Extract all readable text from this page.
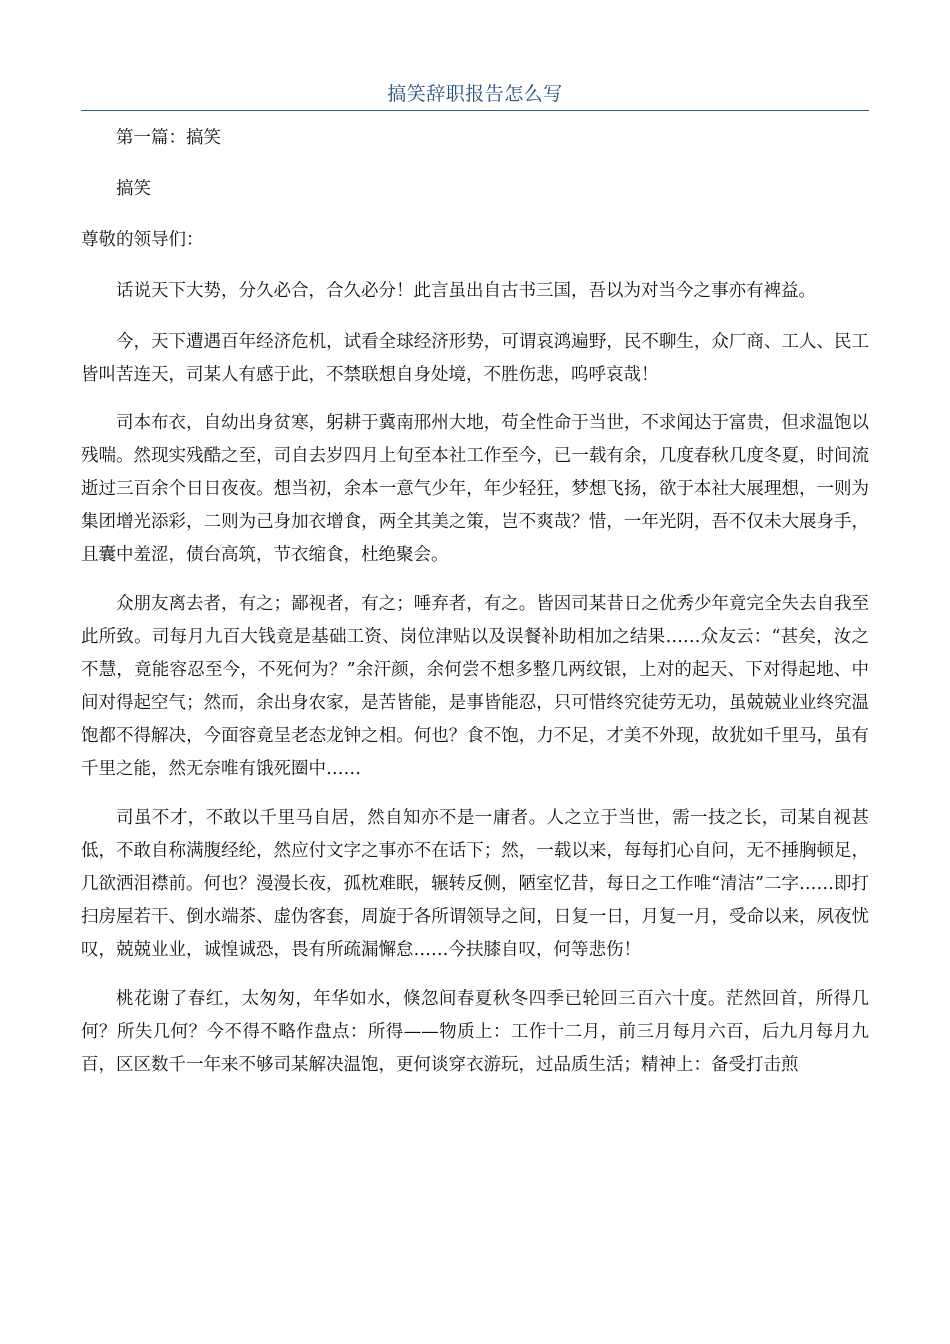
搞笑辞职报告怎么写

第一篇：搞笑

搞笑

尊敬的领导们：

话说天下大势，分久必合，合久必分！此言虽出自古书三国，吾以为对当今之事亦有裨益。

今，天下遭遇百年经济危机，试看全球经济形势，可谓哀鸿遍野，民不聊生，众厂商、工人、民工皆叫苦连天，司某人有感于此，不禁联想自身处境，不胜伤悲，呜呼哀哉！

司本布衣，自幼出身贫寒，躬耕于冀南邢州大地，苟全性命于当世，不求闻达于富贵，但求温饱以残喘。然现实残酷之至，司自去岁四月上旬至本社工作至今，已一载有余，几度春秋几度冬夏，时间流逝过三百余个日日夜夜。想当初，余本一意气少年，年少轻狂，梦想飞扬，欲于本社大展理想，一则为集团增光添彩，二则为己身加衣增食，两全其美之策，岂不爽哉？惜，一年光阴，吾不仅未大展身手，且囊中羞涩，债台高筑，节衣缩食，杜绝聚会。

众朋友离去者，有之；鄙视者，有之；唾弃者，有之。皆因司某昔日之优秀少年竟完全失去自我至此所致。司每月九百大钱竟是基础工资、岗位津贴以及误餐补助相加之结果……众友云：“甚矣，汝之不慧，竟能容忍至今，不死何为？”余汗颜，余何尝不想多整几两纹银，上对的起天、下对得起地、中间对得起空气；然而，余出身农家，是苦皆能，是事皆能忍，只可惜终究徒劳无功，虽兢兢业业终究温饱都不得解决，今面容竟呈老态龙钟之相。何也？食不饱，力不足，才美不外现，故犹如千里马，虽有千里之能，然无奈唯有饿死圈中……

司虽不才，不敢以千里马自居，然自知亦不是一庸者。人之立于当世，需一技之长，司某自视甚低，不敢自称满腹经纶，然应付文字之事亦不在话下；然，一载以来，每每扪心自问，无不捶胸顿足，几欲洒泪襟前。何也？漫漫长夜，孤枕难眠，辗转反侧，陋室忆昔，每日之工作唯“清洁”二字……即打扫房屋若干、倒水端茶、虚伪客套，周旋于各所谓领导之间，日复一日，月复一月，受命以来，夙夜忧叹，兢兢业业，诚惶诚恐，畏有所疏漏懈怠……今扶膝自叹，何等悲伤！

桃花谢了春红，太匆匆，年华如水，倏忽间春夏秋冬四季已轮回三百六十度。茫然回首，所得几何？所失几何？今不得不略作盘点：所得——物质上：工作十二月，前三月每月六百，后九月每月九百，区区数千一年来不够司某解决温饱，更何谈穿衣游玩，过品质生活；精神上：备受打击煎
